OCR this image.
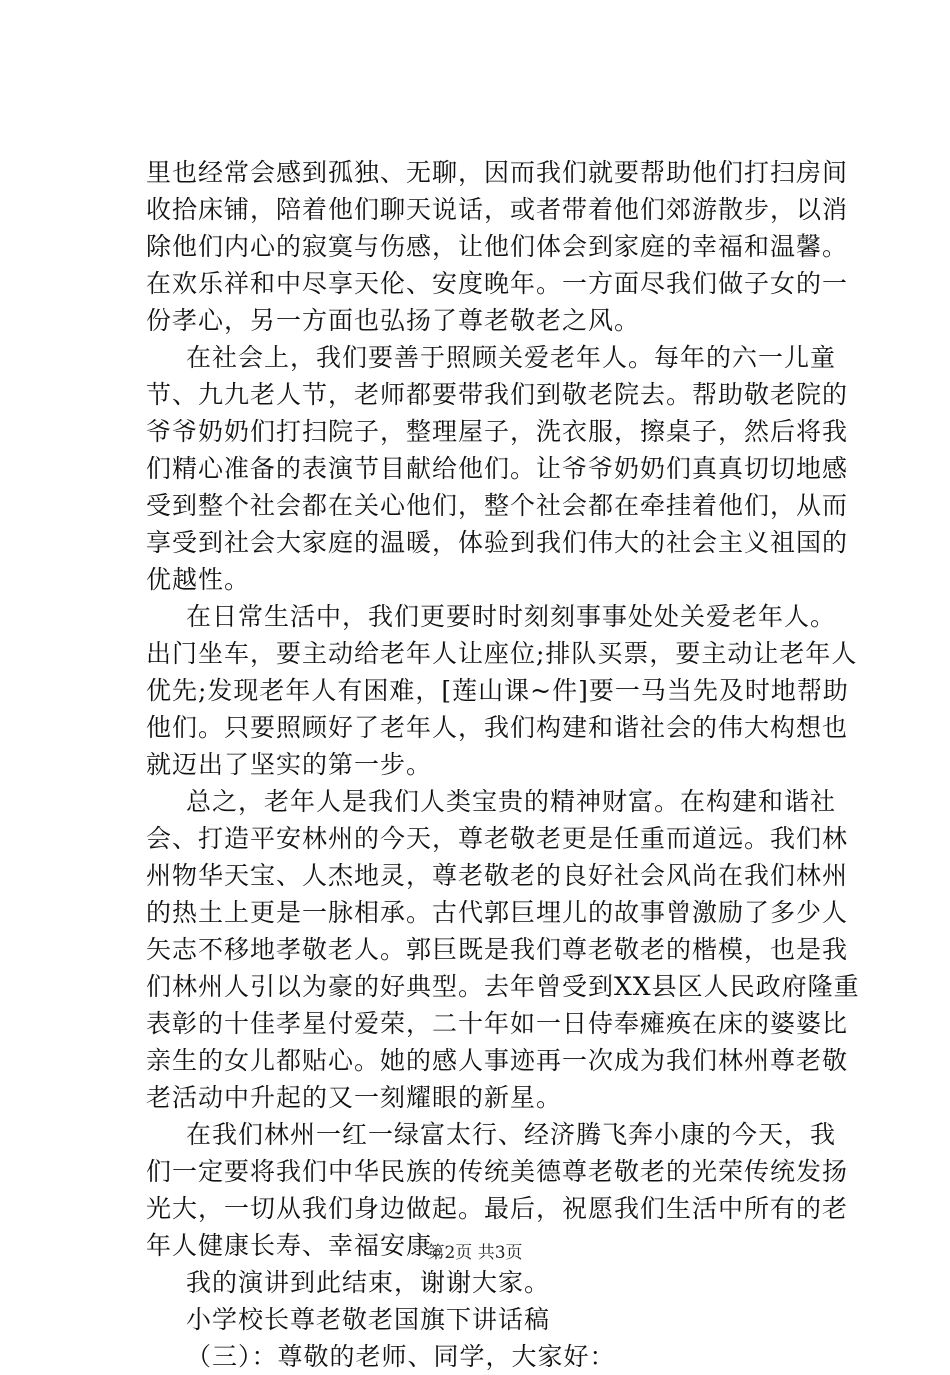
里也经常会感到孤独、无聊，因而我们就要帮助他们打扫房间
收拾床铺，陪着他们聊天说话，或者带着他们郊游散步，以消
除他们内心的寂寞与伤感，让他们体会到家庭的幸福和温馨。
在欢乐祥和中尽享天伦、安度晚年。一方面尽我们做子女的一
份孝心，另一方面也弘扬了尊老敬老之风。
在社会上，我们要善于照顾关爱老年人。每年的六一儿童
节、九九老人节，老师都要带我们到敬老院去。帮助敬老院的
爷爷奶奶们打扫院子，整理屋子，洗衣服，擦桌子，然后将我
们精心准备的表演节目献给他们。让爷爷奶奶们真真切切地感
受到整个社会都在关心他们，整个社会都在牵挂着他们，从而
享受到社会大家庭的温暖，体验到我们伟大的社会主义祖国的
优越性。
在日常生活中，我们更要时时刻刻事事处处关爱老年人。
出门坐车，要主动给老年人让座位;排队买票，要主动让老年人
优先;发现老年人有困难，[莲山课~件]要一马当先及时地帮助
他们。只要照顾好了老年人，我们构建和谐社会的伟大构想也
就迈出了坚实的第一步。
总之，老年人是我们人类宝贵的精神财富。在构建和谐社
会、打造平安林州的今天，尊老敬老更是任重而道远。我们林
州物华天宝、人杰地灵，尊老敬老的良好社会风尚在我们林州
的热土上更是一脉相承。古代郭巨埋儿的故事曾激励了多少人
矢志不移地孝敬老人。郭巨既是我们尊老敬老的楷模，也是我
们林州人引以为豪的好典型。去年曾受到XX县区人民政府隆重
表彰的十佳孝星付爱荣，二十年如一日侍奉瘫痪在床的婆婆比
亲生的女儿都贴心。她的感人事迹再一次成为我们林州尊老敬
老活动中升起的又一刻耀眼的新星。
在我们林州一红一绿富太行、经济腾飞奔小康的今天，我
们一定要将我们中华民族的传统美德尊老敬老的光荣传统发扬
光大，一切从我们身边做起。最后，祝愿我们生活中所有的老
年人健康长寿、幸福安康。
我的演讲到此结束，谢谢大家。
小学校长尊老敬老国旗下讲话稿
（三）：尊敬的老师、同学，大家好：
第2页 共3页
